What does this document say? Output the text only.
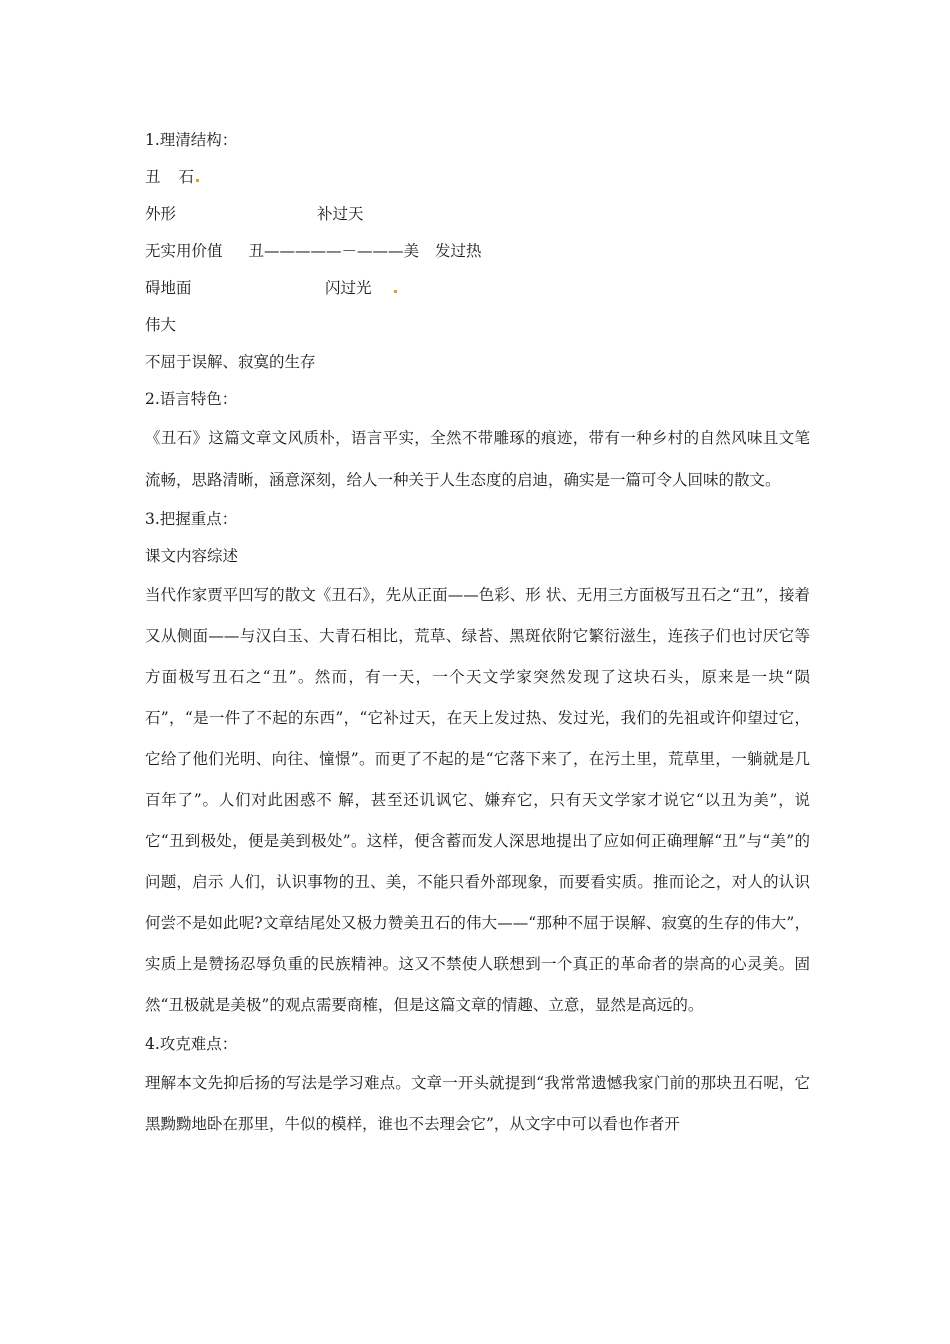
1.理清结构：
丑 石
外形	补过天
无实用价值 丑—————－———美 发过热
碍地面	闪过光
伟大
不屈于误解、寂寞的生存
2.语言特色：

《丑石》这篇文章文风质朴，语言平实，全然不带雕琢的痕迹，带有一种乡村的自然风味且文笔流畅，思路清晰，涵意深刻，给人一种关于人生态度的启迪，确实是一篇可令人回味的散文。

3.把握重点：
课文内容综述

当代作家贾平凹写的散文《丑石》，先从正面——色彩、形 状、无用三方面极写丑石之“丑”，接着又从侧面——与汉白玉、大青石相比，荒草、绿苔、黑斑依附它繁衍滋生，连孩子们也讨厌它等方面极写丑石之“丑”。然而，有一天，一个天文学家突然发现了这块石头，原来是一块“陨石”，“是一件了不起的东西”，“它补过天，在天上发过热、发过光，我们的先祖或许仰望过它，它给了他们光明、向往、憧憬”。而更了不起的是“它落下来了，在污土里，荒草里，一躺就是几百年了”。人们对此困惑不 解，甚至还讥讽它、嫌弃它，只有天文学家才说它“以丑为美”，说它“丑到极处，便是美到极处”。这样，便含蓄而发人深思地提出了应如何正确理解“丑”与“美”的问题，启示 人们，认识事物的丑、美，不能只看外部现象，而要看实质。推而论之，对人的认识何尝不是如此呢?文章结尾处又极力赞美丑石的伟大——“那种不屈于误解、寂寞的生存的伟大”，实质上是赞扬忍辱负重的民族精神。这又不禁使人联想到一个真正的革命者的崇高的心灵美。固然“丑极就是美极”的观点需要商榷，但是这篇文章的情趣、立意，显然是高远的。

4.攻克难点：

理解本文先抑后扬的写法是学习难点。文章一开头就提到“我常常遗憾我家门前的那块丑石呢，它黑黝黝地卧在那里，牛似的模样，谁也不去理会它”，从文字中可以看也作者开
